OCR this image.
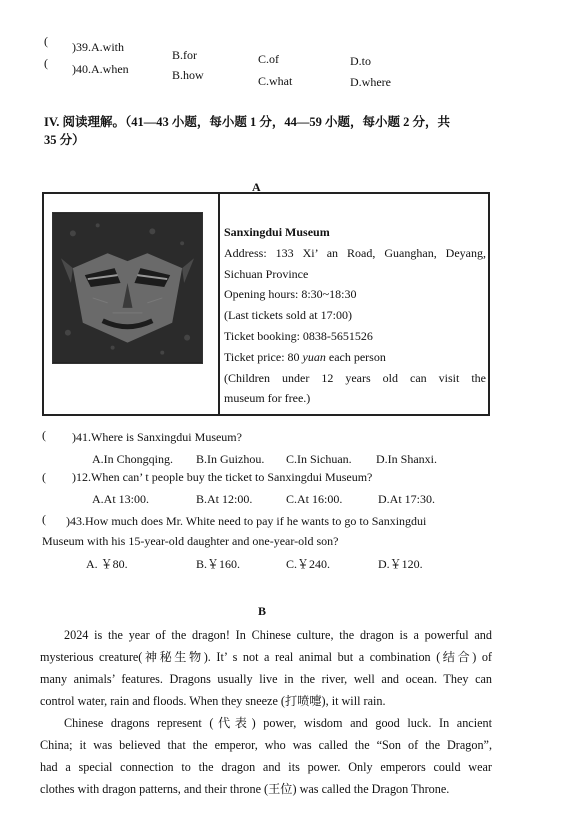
( )39.A.with
B.for	C.of	D.to
( )40.A.when	B.how	C.what	D.where
IV. 阅读理解。（41—43 小题，每小题 1 分，44—59 小题，每小题 2 分，共
35 分）
A
Sanxingdui Museum
Address: 133 Xi’ an Road, Guanghan, Deyang,
Sichuan Province
Opening hours: 8:30~18:30
(Last tickets sold at 17:00)
Ticket booking: 0838-5651526
Ticket price: 80 yuan each person
(Children under 12 years old can visit the
museum for free.)
( )41.Where is Sanxingdui Museum?
A.In Chongqing. B.In Guizhou. C.In Sichuan. D.In Shanxi.
( )12.When can’ t people buy the ticket to Sanxingdui Museum?
A.At 13:00.	B.At 12:00.	C.At 16:00.	D.At 17:30.
( )43.How much does Mr. White need to pay if he wants to go to Sanxingdui
Museum with his 15-year-old daughter and one-year-old son?
A. ￥80.	B.￥160.	C.￥240.	D.￥120.
B
2024 is the year of the dragon! In Chinese culture, the dragon is a powerful and
mysterious creature(神秘生物). It’ s not a real animal but a combination (结合) of
many animals’ features. Dragons usually live in the river, well and ocean. They can
control water, rain and floods. When they sneeze (打喷嚏), it will rain.
Chinese dragons represent (代表) power, wisdom and good luck. In ancient
China; it was believed that the emperor, who was called the “Son of the Dragon”,
had a special connection to the dragon and its power. Only emperors could wear
clothes with dragon patterns, and their throne (王位) was called the Dragon Throne.
